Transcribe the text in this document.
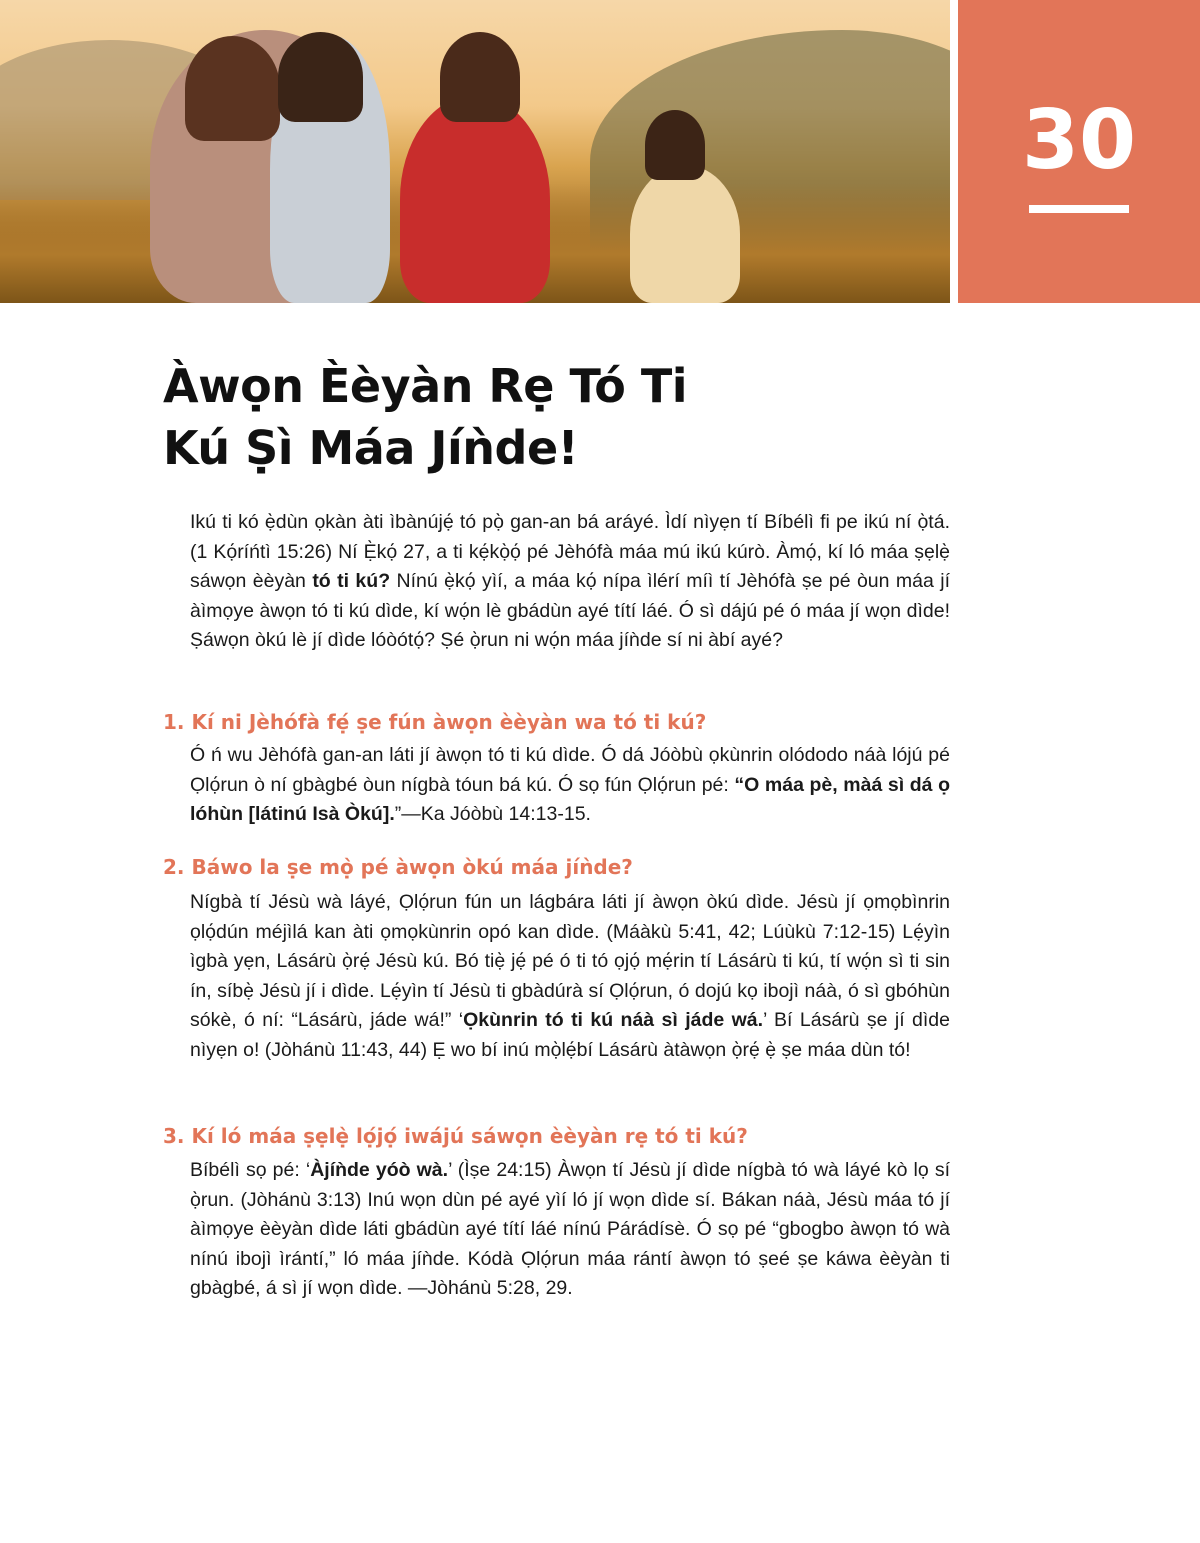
30
Àwọn Èèyàn Rẹ Tó Ti
Kú Ṣì Máa Jíǹde!

Ikú ti kó ẹ̀dùn ọkàn àti ìbànújẹ́ tó pọ̀ gan-an bá aráyé. Ìdí nìyẹn tí Bíbélì fi pe ikú ní ọ̀tá. (1 Kọ́ríńtì 15:26) Ní Ẹ̀kọ́ 27, a ti kẹ́kọ̀ọ́ pé Jèhófà máa mú ikú kúrò. Àmọ́, kí ló máa ṣẹlẹ̀ sáwọn èèyàn tó ti kú? Nínú ẹ̀kọ́ yìí, a máa kọ́ nípa ìlérí míì tí Jèhófà ṣe pé òun máa jí àìmọye àwọn tó ti kú dìde, kí wọ́n lè gbádùn ayé títí láé. Ó sì dájú pé ó máa jí wọn dìde! Ṣáwọn òkú lè jí dìde lóòótọ́? Ṣé ọ̀run ni wọ́n máa jíǹde sí ni àbí ayé?

1. Kí ni Jèhófà fẹ́ ṣe fún àwọn èèyàn wa tó ti kú?

Ó ń wu Jèhófà gan-an láti jí àwọn tó ti kú dìde. Ó dá Jóòbù ọkùnrin olódodo náà lójú pé Ọlọ́run ò ní gbàgbé òun nígbà tóun bá kú. Ó sọ fún Ọlọ́run pé: “O máa pè, màá sì dá ọ lóhùn [látinú Isà Òkú].”—Ka Jóòbù 14:13-15.

2. Báwo la ṣe mọ̀ pé àwọn òkú máa jíǹde?

Nígbà tí Jésù wà láyé, Ọlọ́run fún un lágbára láti jí àwọn òkú dìde. Jésù jí ọmọbìnrin ọlọ́dún méjìlá kan àti ọmọkùnrin opó kan dìde. (Máàkù 5:41, 42; Lúùkù 7:12-15) Lẹ́yìn ìgbà yẹn, Lásárù ọ̀rẹ́ Jésù kú. Bó tiẹ̀ jẹ́ pé ó ti tó ọjọ́ mẹ́rin tí Lásárù ti kú, tí wọ́n sì ti sin ín, síbẹ̀ Jésù jí i dìde. Lẹ́yìn tí Jésù ti gbàdúrà sí Ọlọ́run, ó dojú kọ ibojì náà, ó sì gbóhùn sókè, ó ní: “Lásárù, jáde wá!” ‘Ọkùnrin tó ti kú náà sì jáde wá.’ Bí Lásárù ṣe jí dìde nìyẹn o! (Jòhánù 11:43, 44) Ẹ wo bí inú mọ̀lẹ́bí Lásárù àtàwọn ọ̀rẹ́ ẹ̀ ṣe máa dùn tó!

3. Kí ló máa ṣẹlẹ̀ lọ́jọ́ iwájú sáwọn èèyàn rẹ tó ti kú?

Bíbélì sọ pé: ‘Àjíǹde yóò wà.’ (Ìṣe 24:15) Àwọn tí Jésù jí dìde nígbà tó wà láyé kò lọ sí ọ̀run. (Jòhánù 3:13) Inú wọn dùn pé ayé yìí ló jí wọn dìde sí. Bákan náà, Jésù máa tó jí àìmọye èèyàn dìde láti gbádùn ayé títí láé nínú Párádísè. Ó sọ pé “gbogbo àwọn tó wà nínú ibojì ìrántí,” ló máa jíǹde. Kódà Ọlọ́run máa rántí àwọn tó ṣeé ṣe káwa èèyàn ti gbàgbé, á sì jí wọn dìde. —Jòhánù 5:28, 29.
